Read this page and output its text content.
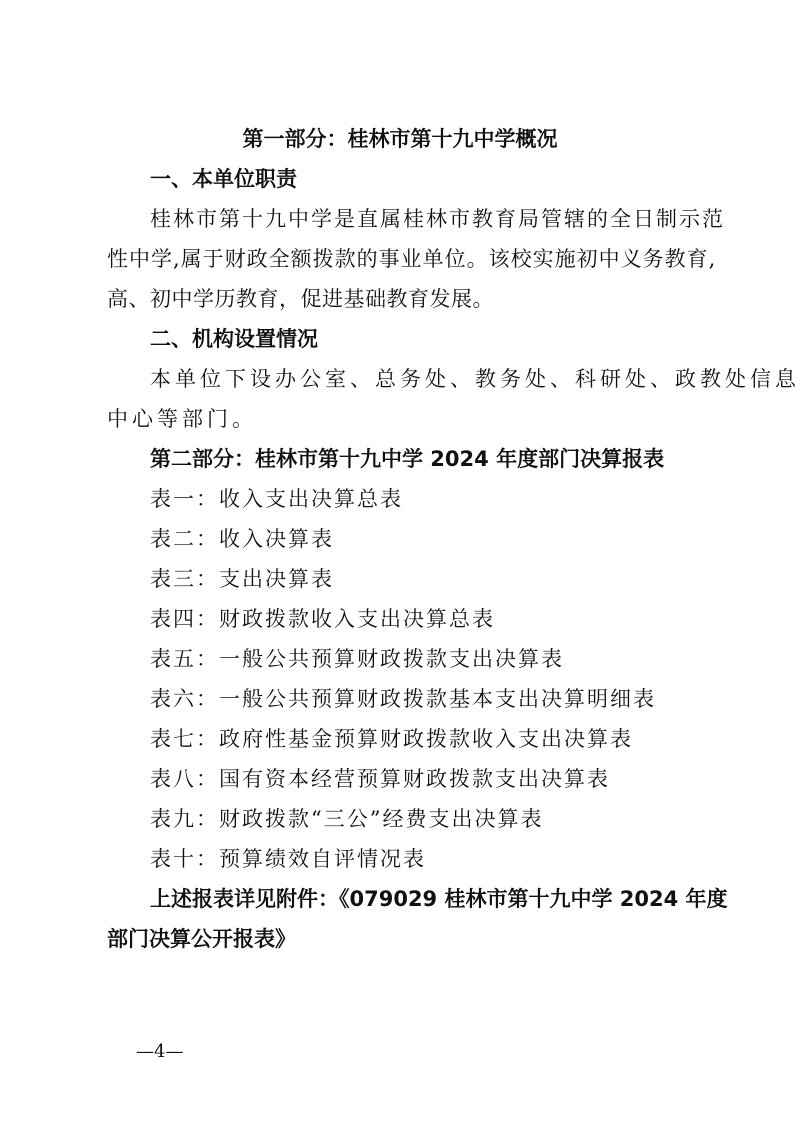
第一部分：桂林市第十九中学概况
一、本单位职责
桂林市第十九中学是直属桂林市教育局管辖的全日制示范
性中学,属于财政全额拨款的事业单位。该校实施初中义务教育,
高、初中学历教育，促进基础教育发展。
二、机构设置情况
本单位下设办公室、总务处、教务处、科研处、政教处信息
中心等部门。
第二部分：桂林市第十九中学 2024 年度部门决算报表
表一：收入支出决算总表
表二：收入决算表
表三：支出决算表
表四：财政拨款收入支出决算总表
表五：一般公共预算财政拨款支出决算表
表六：一般公共预算财政拨款基本支出决算明细表
表七：政府性基金预算财政拨款收入支出决算表
表八：国有资本经营预算财政拨款支出决算表
表九：财政拨款“三公”经费支出决算表
表十：预算绩效自评情况表
上述报表详见附件：《079029 桂林市第十九中学 2024 年度
部门决算公开报表》
—4—
